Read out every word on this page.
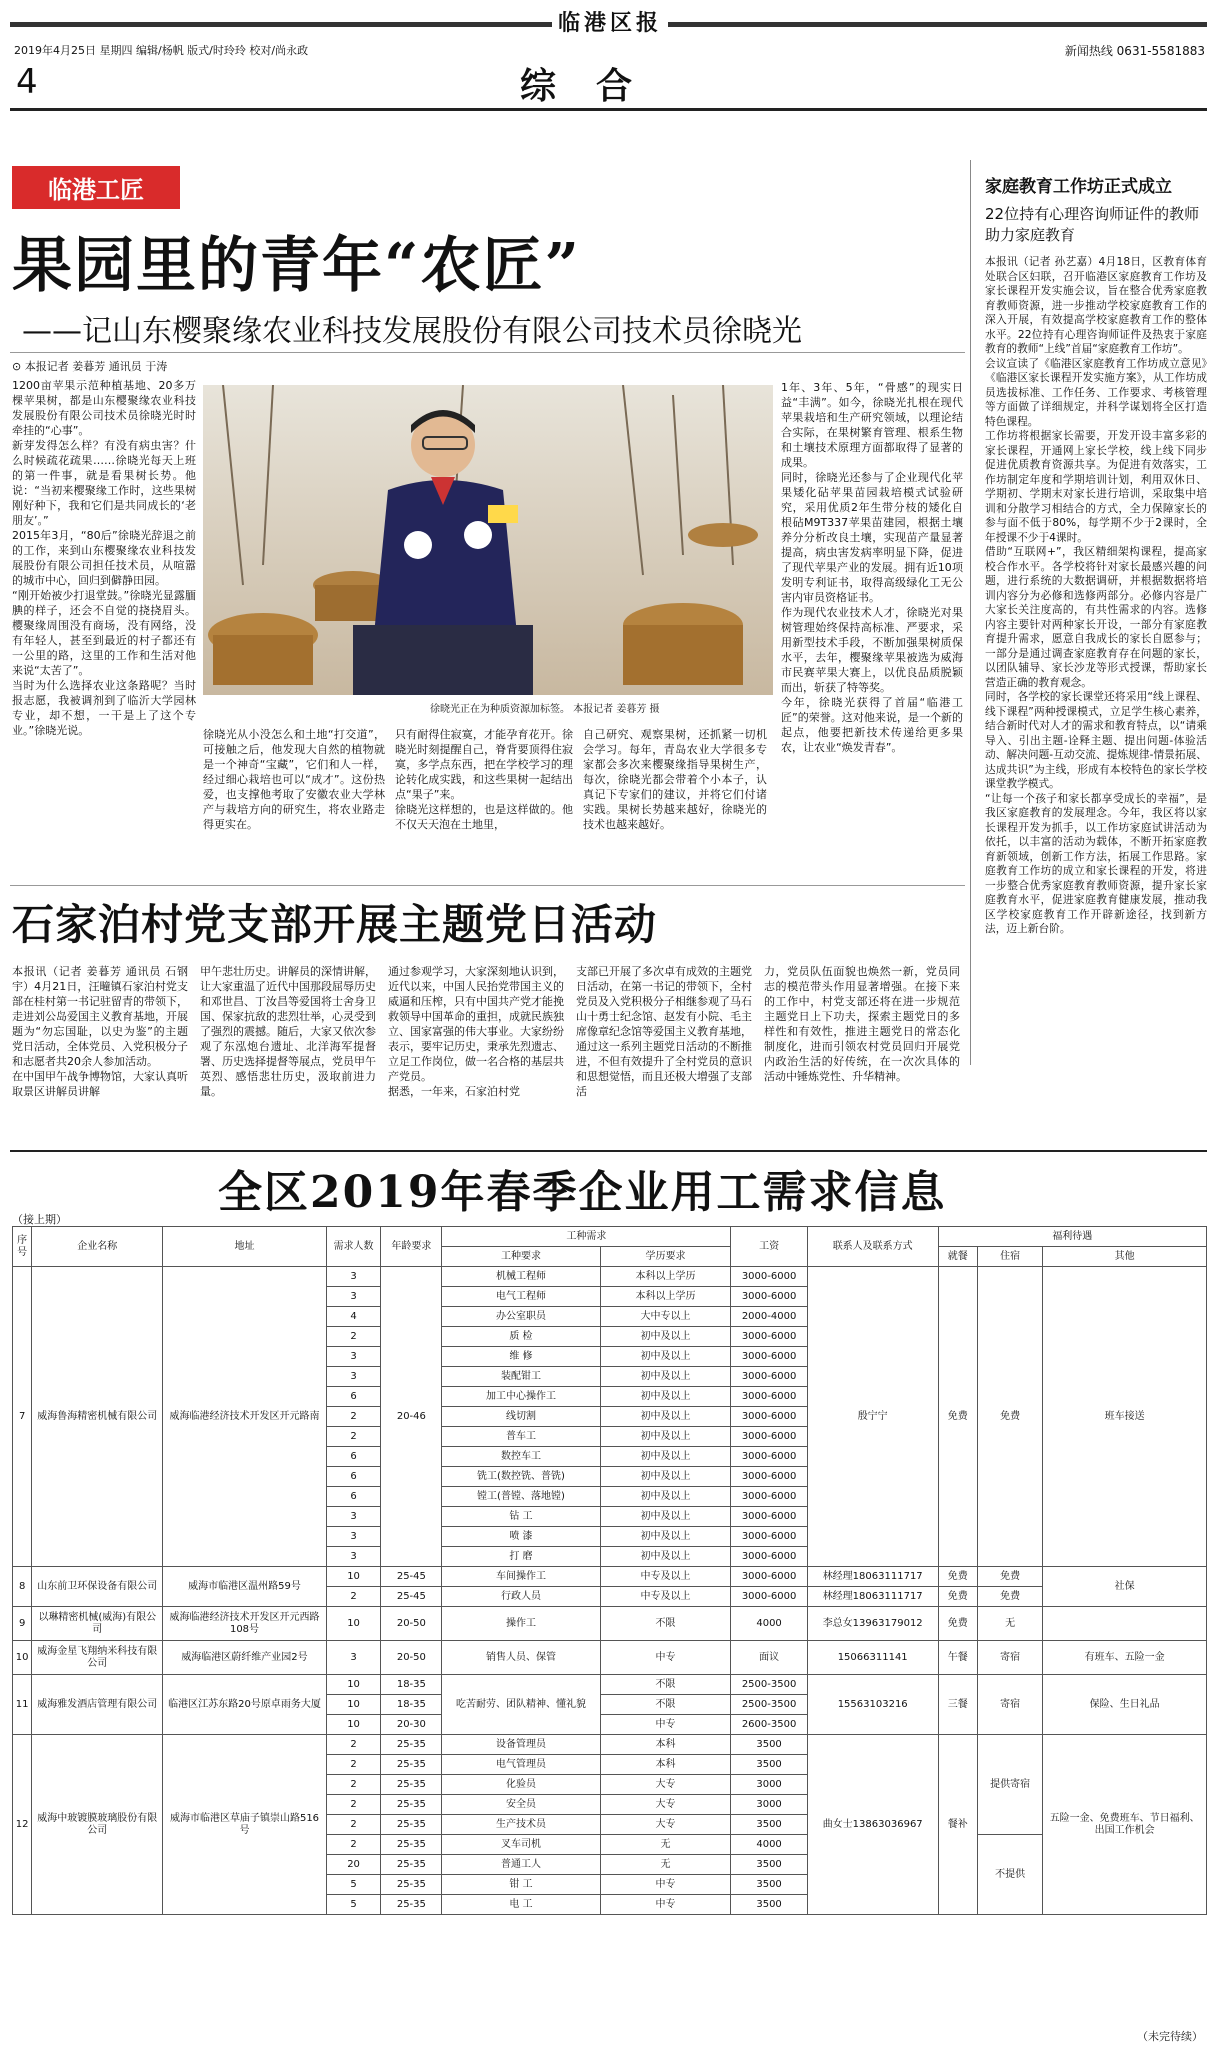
临港区报
2019年4月25日 星期四 编辑/杨帆 版式/时玲玲 校对/尚永政	新闻热线 0631-5581883
4	综合
临港工匠
果园里的青年“农匠”
——记山东樱聚缘农业科技发展股份有限公司技术员徐晓光
⊙ 本报记者 姜暮芳 通讯员 于涛
1200亩苹果示范种植基地、20多万棵苹果树，都是山东樱聚缘农业科技发展股份有限公司技术员徐晓光时时牵挂的“心事”。
新芽发得怎么样？有没有病虫害？什么时候疏花疏果……徐晓光每天上班的第一件事，就是看果树长势。他说：“当初来樱聚缘工作时，这些果树刚好种下，我和它们是共同成长的‘老朋友’。”
2015年3月，“80后”徐晓光辞退之前的工作，来到山东樱聚缘农业科技发展股份有限公司担任技术员，从喧嚣的城市中心，回归到僻静田园。
“刚开始被少打退堂鼓。”徐晓光显露腼腆的样子，还会不自觉的挠挠眉头。樱聚缘周围没有商场，没有网络，没有年轻人，甚至到最近的村子都还有一公里的路，这里的工作和生活对他来说“太苦了”。
当时为什么选择农业这条路呢？当时报志愿，我被调剂到了临沂大学园林专业，却不想，一干是上了这个专业。”徐晓光说。
徐晓光正在为种质资源加标签。 本报记者 姜暮芳 摄
徐晓光从小没怎么和土地“打交道”，可接触之后，他发现大自然的植物就是一个神奇“宝藏”，它们和人一样，经过细心栽培也可以“成才”。这份热爱，也支撑他考取了安徽农业大学林产与栽培方向的研究生，将农业路走得更实在。
只有耐得住寂寞，才能孕育花开。徐晓光时刻提醒自己，脊背要顶得住寂寞，多学点东西，把在学校学习的理论转化成实践，和这些果树一起结出点“果子”来。
徐晓光这样想的，也是这样做的。他不仅天天泡在土地里，
自己研究、观察果树，还抓紧一切机会学习。每年，青岛农业大学很多专家都会多次来樱聚缘指导果树生产，每次，徐晓光都会带着个小本子，认真记下专家们的建议，并将它们付诸实践。果树长势越来越好，徐晓光的技术也越来越好。
1年、3年、5年，“骨感”的现实日益“丰满”。如今，徐晓光扎根在现代苹果栽培和生产研究领域，以理论结合实际，在果树繁育管理、根系生物和土壤技术原理方面都取得了显著的成果。
同时，徐晓光还参与了企业现代化苹果矮化砧苹果苗园栽培模式试验研究，采用优质2年生带分枝的矮化自根砧M9T337苹果苗建园，根据土壤养分分析改良土壤，实现苗产量显著提高，病虫害发病率明显下降，促进了现代苹果产业的发展。拥有近10项发明专利证书，取得高级绿化工无公害内审员资格证书。
作为现代农业技术人才，徐晓光对果树管理始终保持高标准、严要求，采用新型技术手段，不断加强果树质保水平，去年，樱聚缘苹果被选为威海市民赛苹果大赛上，以优良品质脱颖而出，斩获了特等奖。
今年，徐晓光获得了首届“临港工匠”的荣誉。这对他来说，是一个新的起点，他要把新技术传递给更多果农，让农业“焕发青春”。
家庭教育工作坊正式成立
22位持有心理咨询师证件的教师助力家庭教育
本报讯（记者 孙艺嘉）4月18日，区教育体育处联合区妇联，召开临港区家庭教育工作坊及家长课程开发实施会议，旨在整合优秀家庭教育教师资源，进一步推动学校家庭教育工作的深入开展，有效提高学校家庭教育工作的整体水平。22位持有心理咨询师证件及热衷于家庭教育的教师“上线”首届“家庭教育工作坊”。
会议宣读了《临港区家庭教育工作坊成立意见》《临港区家长课程开发实施方案》，从工作坊成员选拔标准、工作任务、工作要求、考核管理等方面做了详细规定，并科学谋划将全区打造特色课程。
工作坊将根据家长需要，开发开设丰富多彩的家长课程，开通网上家长学校，线上线下同步促进优质教育资源共享。为促进有效落实，工作坊制定年度和学期培训计划，利用双休日、学期初、学期末对家长进行培训，采取集中培训和分散学习相结合的方式，全力保障家长的参与面不低于80%，每学期不少于2课时，全年授课不少于4课时。
借助“互联网+”，我区精细架构课程，提高家校合作水平。各学校将针对家长最感兴趣的问题，进行系统的大数据调研，并根据数据将培训内容分为必修和选修两部分。必修内容是广大家长关注度高的，有共性需求的内容。选修内容主要针对两种家长开设，一部分有家庭教育提升需求，愿意自我成长的家长自愿参与；一部分是通过调查家庭教育存在问题的家长，以团队辅导、家长沙龙等形式授课，帮助家长营造正确的教育观念。
同时，各学校的家长课堂还将采用“线上课程、线下课程”两种授课模式，立足学生核心素养，结合新时代对人才的需求和教育特点，以“请乘导入、引出主题-诠释主题、提出问题-体验活动、解决问题-互动交流、提炼规律-情景拓展、达成共识”为主线，形成有本校特色的家长学校课堂教学模式。
“让每一个孩子和家长都享受成长的幸福”，是我区家庭教育的发展理念。今年，我区将以家长课程开发为抓手，以工作坊家庭试讲活动为依托，以丰富的活动为载体，不断开拓家庭教育新领域，创新工作方法，拓展工作思路。家庭教育工作坊的成立和家长课程的开发，将进一步整合优秀家庭教育教师资源，提升家长家庭教育水平，促进家庭教育健康发展，推动我区学校家庭教育工作开辟新途径，找到新方法，迈上新台阶。
石家泊村党支部开展主题党日活动
本报讯（记者 姜暮芳 通讯员 石钢宇）4月21日，汪疃镇石家泊村党支部在桂村第一书记驻留青的带领下，走进刘公岛爱国主义教育基地，开展题为“勿忘国耻，以史为鉴”的主题党日活动，全体党员、入党积极分子和志愿者共20余人参加活动。
在中国甲午战争博物馆，大家认真听取景区讲解员讲解
甲午悲壮历史。讲解员的深情讲解，让大家重温了近代中国那段屈辱历史和邓世昌、丁汝昌等爱国将士舍身卫国、保家抗敌的悲烈壮举，心灵受到了强烈的震撼。随后，大家又依次参观了东泓炮台遗址、北洋海军提督署、历史选择提督等展点，党员甲午英烈、感悟悲壮历史，汲取前进力量。
通过参观学习，大家深刻地认识到，近代以来，中国人民抬党带国主义的威逼和压榨，只有中国共产党才能挽救领导中国革命的重担，成就民族独立、国家富强的伟大事业。大家纷纷表示，要牢记历史，秉承先烈遗志、立足工作岗位，做一名合格的基层共产党员。
据悉，一年来，石家泊村党
支部已开展了多次卓有成效的主题党日活动，在第一书记的带领下，全村党员及入党积极分子相继参观了马石山十勇士纪念馆、赵发有小院、毛主席像章纪念馆等爱国主义教育基地，通过这一系列主题党日活动的不断推进，不但有效提升了全村党员的意识和思想觉悟，而且还极大增强了支部活
力，党员队伍面貌也焕然一新，党员同志的模范带头作用显著增强。在接下来的工作中，村党支部还将在进一步规范主题党日上下功夫，探索主题党日的多样性和有效性，推进主题党日的常态化制度化，进而引领农村党员回归开展党内政治生活的好传统，在一次次具体的活动中锤炼党性、升华精神。
全区2019年春季企业用工需求信息
（接上期）
序号	企业名称	地址	需求人数	年龄要求	工种需求		工资	联系人及联系方式	福利待遇		
					工种要求	学历要求			就餐	住宿	其他
7	威海鲁海精密机械有限公司	威海临港经济技术开发区开元路南	3	20-46	机械工程师	本科以上学历	3000-6000	殷宁宁	免费	免费	班车接送
			3		电气工程师	本科以上学历	3000-6000				
			4		办公室职员	大中专以上	2000-4000				
			2		质 检	初中及以上	3000-6000				
			3		维 修	初中及以上	3000-6000				
			3		装配钳工	初中及以上	3000-6000				
			6		加工中心操作工	初中及以上	3000-6000				
			2		线切割	初中及以上	3000-6000				
			2		普车工	初中及以上	3000-6000				
			6		数控车工	初中及以上	3000-6000				
			6		铣工(数控铣、普铣)	初中及以上	3000-6000				
			6		镗工(普镗、落地镗)	初中及以上	3000-6000				
			3		钻 工	初中及以上	3000-6000				
			3		喷 漆	初中及以上	3000-6000				
			3		打 磨	初中及以上	3000-6000				
8	山东前卫环保设备有限公司	威海市临港区温州路59号	10	25-45	车间操作工	中专及以上	3000-6000	林经理18063111717	免费	免费	社保
			2	25-45	行政人员	中专及以上	3000-6000	林经理18063111717	免费	免费	
9	以琳精密机械(威海)有限公司	威海临港经济技术开发区开元西路108号	10	20-50	操作工	不限	4000	李总女13963179012	免费	无	
10	威海金星飞翔纳米科技有限公司	威海临港区蔚纤维产业园2号	3	20-50	销售人员、保管	中专	面议	15066311141	午餐	寄宿	有班车、五险一金
11	威海雅发酒店管理有限公司	临港区江苏东路20号原卓雨务大厦	10	18-35	吃苦耐劳、团队精神、懂礼貌	不限	2500-3500	15563103216	三餐	寄宿	保险、生日礼品
			10	18-35		不限	2500-3500				
			10	20-30		中专	2600-3500				
12	威海中玻镀膜玻璃股份有限公司	威海市临港区草庙子镇崇山路516号	2	25-35	设备管理员	本科	3500	曲女士13863036967	餐补	提供寄宿	五险一金、免费班车、节日福利、出国工作机会
			2	25-35	电气管理员	本科	3500				
			2	25-35	化验员	大专	3000				
			2	25-35	安全员	大专	3000				
			2	25-35	生产技术员	大专	3500				
			2	25-35	叉车司机	无	4000			不提供	
			20	25-35	普通工人	无	3500				
			5	25-35	钳 工	中专	3500				
			5	25-35	电 工	中专	3500				
（未完待续）
